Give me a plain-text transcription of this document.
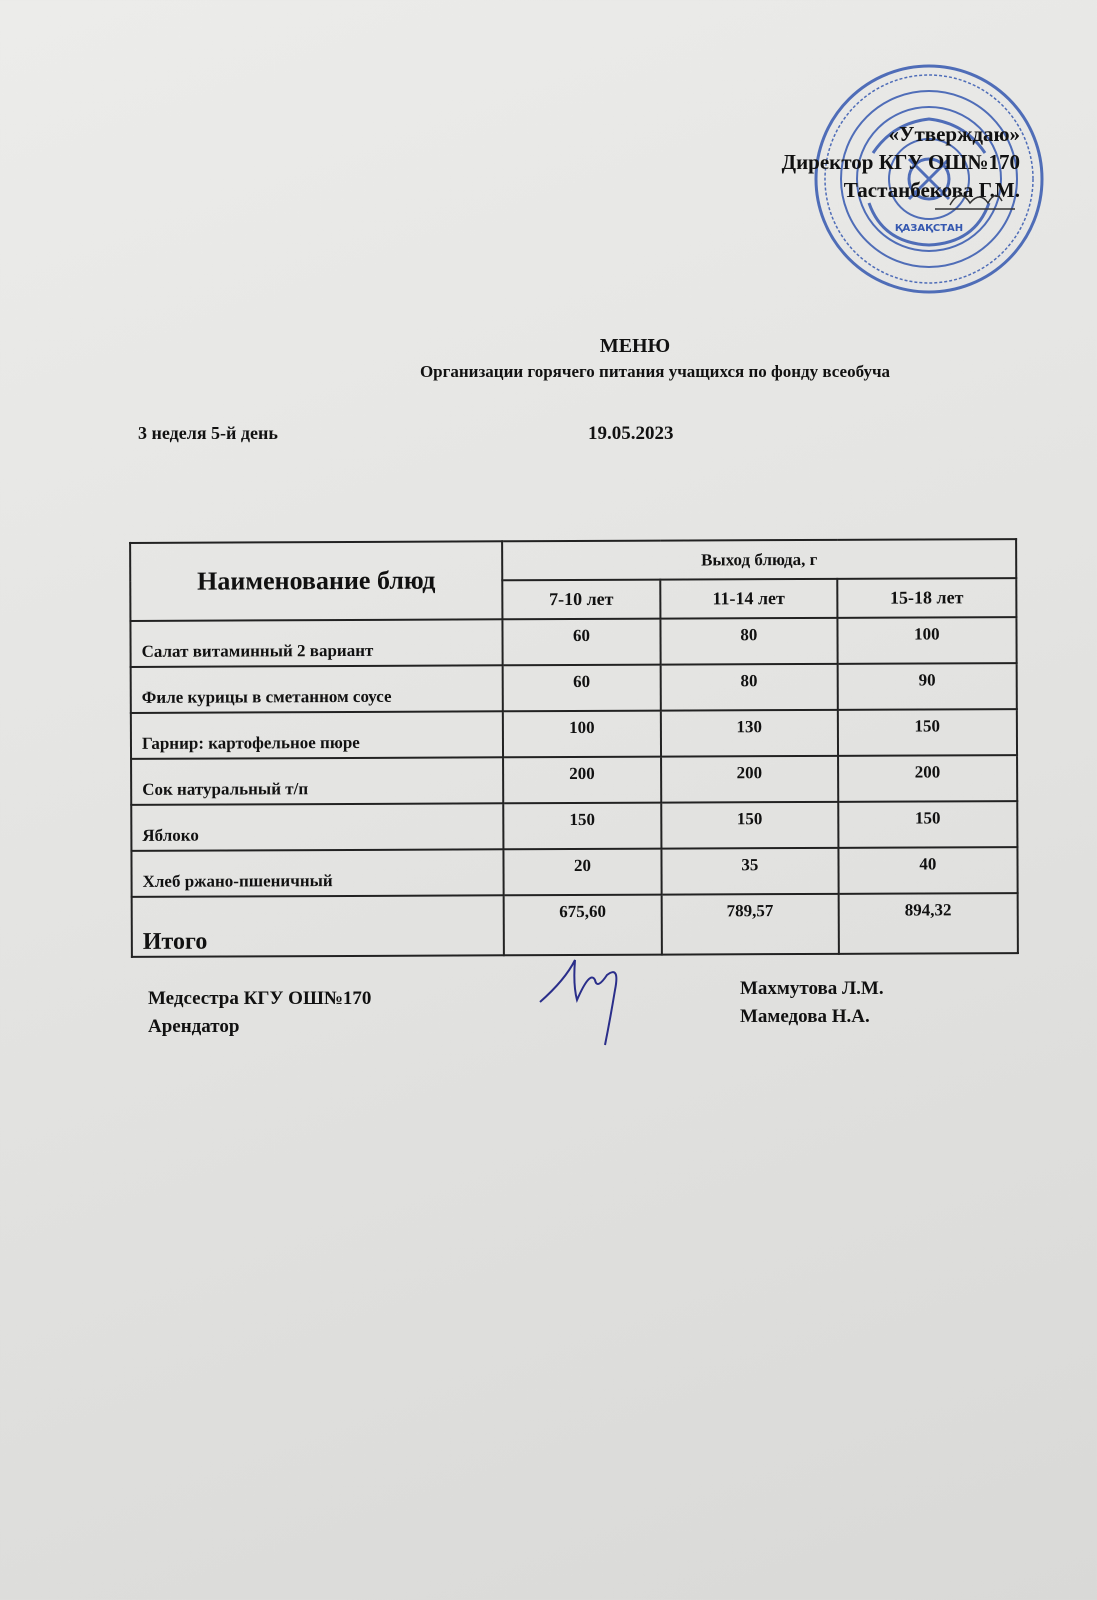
ҚАЗАҚСТАН
«Утверждаю»
Директор КГУ ОШ№170
Тастанбекова Г.М.
МЕНЮ
Организации горячего питания учащихся по фонду всеобуча
3 неделя 5-й день	19.05.2023
Наименование блюд	Выход блюда, г		
	7-10 лет	11-14 лет	15-18 лет
Салат витаминный 2 вариант	60	80	100
Филе курицы в сметанном соусе	60	80	90
Гарнир: картофельное пюре	100	130	150
Сок натуральный т/п	200	200	200
Яблоко	150	150	150
Хлеб ржано-пшеничный	20	35	40
Итого	675,60	789,57	894,32
Медсестра КГУ ОШ№170
Арендатор
Махмутова Л.М.
Мамедова Н.А.
